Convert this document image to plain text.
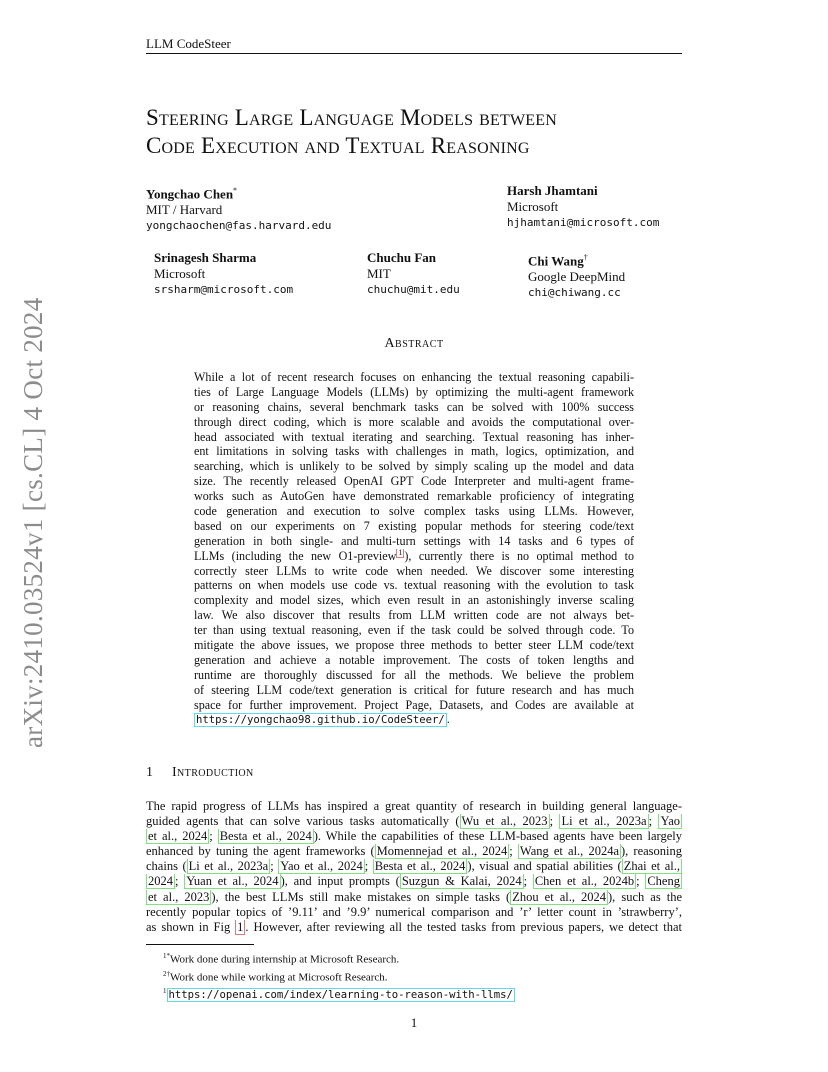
LLM CodeSteer
Steering Large Language Models between
Code Execution and Textual Reasoning
Yongchao Chen*
MIT / Harvard
yongchaochen@fas.harvard.edu
Harsh Jhamtani
Microsoft
hjhamtani@microsoft.com
Srinagesh Sharma
Microsoft
srsharm@microsoft.com
Chuchu Fan
MIT
chuchu@mit.edu
Chi Wang†
Google DeepMind
chi@chiwang.cc
arXiv:2410.03524v1 [cs.CL] 4 Oct 2024	Abstract
While a lot of recent research focuses on enhancing the textual reasoning capabili-
ties of Large Language Models (LLMs) by optimizing the multi-agent framework
or reasoning chains, several benchmark tasks can be solved with 100% success
through direct coding, which is more scalable and avoids the computational over-
head associated with textual iterating and searching. Textual reasoning has inher-
ent limitations in solving tasks with challenges in math, logics, optimization, and
searching, which is unlikely to be solved by simply scaling up the model and data
size. The recently released OpenAI GPT Code Interpreter and multi-agent frame-
works such as AutoGen have demonstrated remarkable proficiency of integrating
code generation and execution to solve complex tasks using LLMs. However,
based on our experiments on 7 existing popular methods for steering code/text
generation in both single- and multi-turn settings with 14 tasks and 6 types of
LLMs (including the new O1-preview $^1$ ), currently there is no optimal method to
correctly steer LLMs to write code when needed. We discover some interesting
patterns on when models use code vs. textual reasoning with the evolution to task
complexity and model sizes, which even result in an astonishingly inverse scaling
law. We also discover that results from LLM written code are not always bet-
ter than using textual reasoning, even if the task could be solved through code. To
mitigate the above issues, we propose three methods to better steer LLM code/text
generation and achieve a notable improvement. The costs of token lengths and
runtime are thoroughly discussed for all the methods. We believe the problem
of steering LLM code/text generation is critical for future research and has much
space for further improvement. Project Page, Datasets, and Codes are available at
https://yongchao98.github.io/CodeSteer/ .
1 Introduction
The rapid progress of LLMs has inspired a great quantity of research in building general language-
guided agents that can solve various tasks automatically ( Wu et al., 2023 ; Li et al., 2023a ; Yao
et al., 2024 ; Besta et al., 2024 ). While the capabilities of these LLM-based agents have been largely
enhanced by tuning the agent frameworks ( Momennejad et al., 2024 ; Wang et al., 2024a ), reasoning
chains ( Li et al., 2023a ; Yao et al., 2024 ; Besta et al., 2024 ), visual and spatial abilities ( Zhai et al.,
2024 ; Yuan et al., 2024 ), and input prompts ( Suzgun & Kalai, 2024 ; Chen et al., 2024b ; Cheng
et al., 2023 ), the best LLMs still make mistakes on simple tasks ( Zhou et al., 2024 ), such as the
recently popular topics of ’9.11’ and ’9.9’ numerical comparison and ’r’ letter count in ’strawberry’,
as shown in Fig 1 . However, after reviewing all the tested tasks from previous papers, we detect that
$^{1*}$Work done during internship at Microsoft Research.
$^{2\dagger}$Work done while working at Microsoft Research.
$^1$ https://openai.com/index/learning-to-reason-with-llms/
1
